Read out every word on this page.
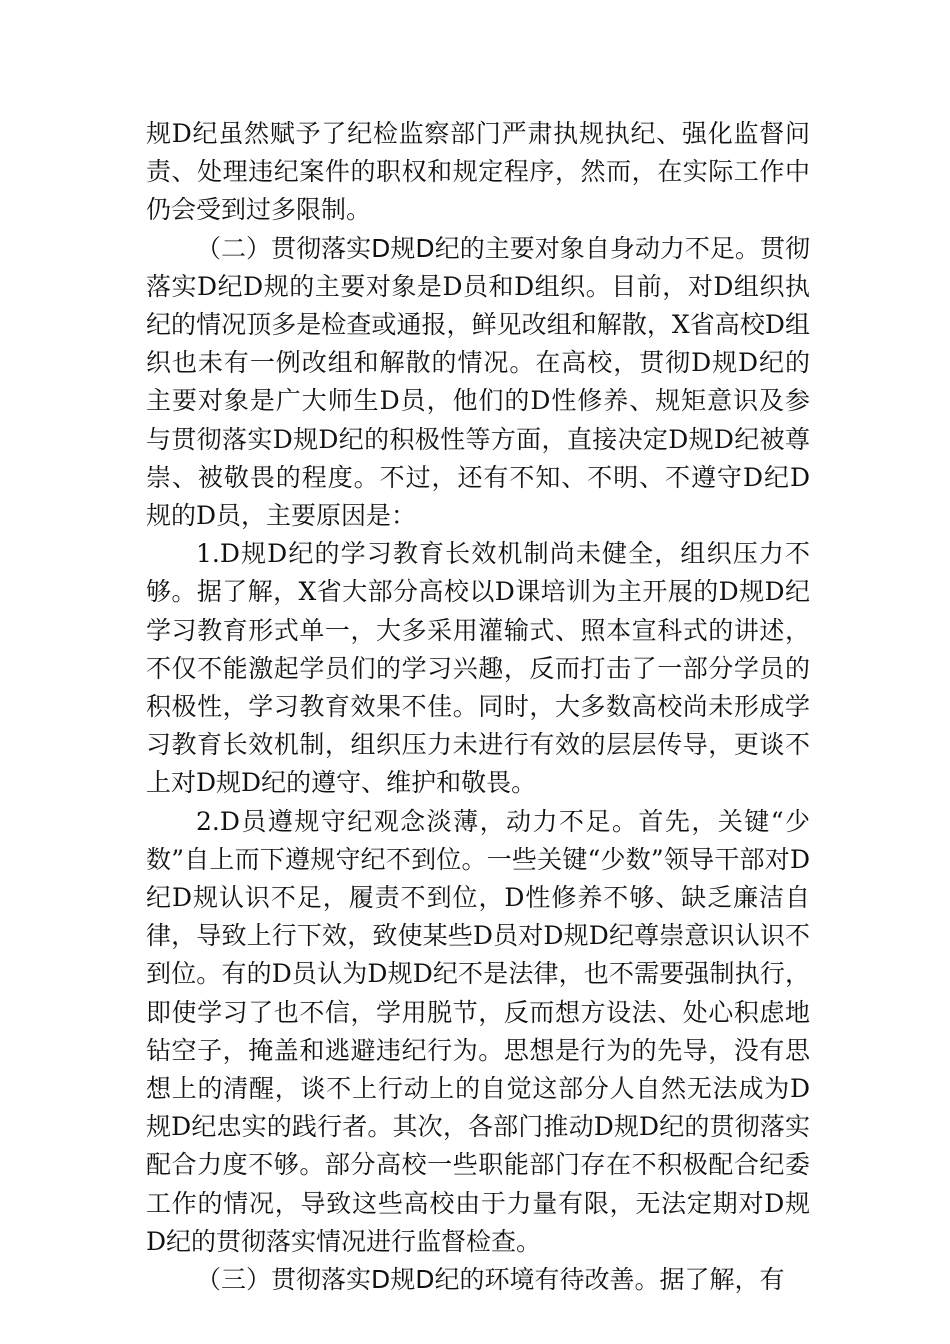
规D纪虽然赋予了纪检监察部门严肃执规执纪、强化监督问责、处理违纪案件的职权和规定程序，然而，在实际工作中仍会受到过多限制。

（二）贯彻落实D规D纪的主要对象自身动力不足。贯彻落实D纪D规的主要对象是D员和D组织。目前，对D组织执纪的情况顶多是检查或通报，鲜见改组和解散，X省高校D组织也未有一例改组和解散的情况。在高校，贯彻D规D纪的主要对象是广大师生D员，他们的D性修养、规矩意识及参与贯彻落实D规D纪的积极性等方面，直接决定D规D纪被尊崇、被敬畏的程度。不过，还有不知、不明、不遵守D纪D规的D员，主要原因是：

1.D规D纪的学习教育长效机制尚未健全，组织压力不够。据了解，X省大部分高校以D课培训为主开展的D规D纪学习教育形式单一，大多采用灌输式、照本宣科式的讲述，不仅不能激起学员们的学习兴趣，反而打击了一部分学员的积极性，学习教育效果不佳。同时，大多数高校尚未形成学习教育长效机制，组织压力未进行有效的层层传导，更谈不上对D规D纪的遵守、维护和敬畏。

2.D员遵规守纪观念淡薄，动力不足。首先，关键“少数”自上而下遵规守纪不到位。一些关键“少数”领导干部对D纪D规认识不足，履责不到位，D性修养不够、缺乏廉洁自律，导致上行下效，致使某些D员对D规D纪尊崇意识认识不到位。有的D员认为D规D纪不是法律，也不需要强制执行，即使学习了也不信，学用脱节，反而想方设法、处心积虑地钻空子，掩盖和逃避违纪行为。思想是行为的先导，没有思想上的清醒，谈不上行动上的自觉这部分人自然无法成为D规D纪忠实的践行者。其次，各部门推动D规D纪的贯彻落实配合力度不够。部分高校一些职能部门存在不积极配合纪委工作的情况，导致这些高校由于力量有限，无法定期对D规D纪的贯彻落实情况进行监督检查。

（三）贯彻落实D规D纪的环境有待改善。据了解，有
